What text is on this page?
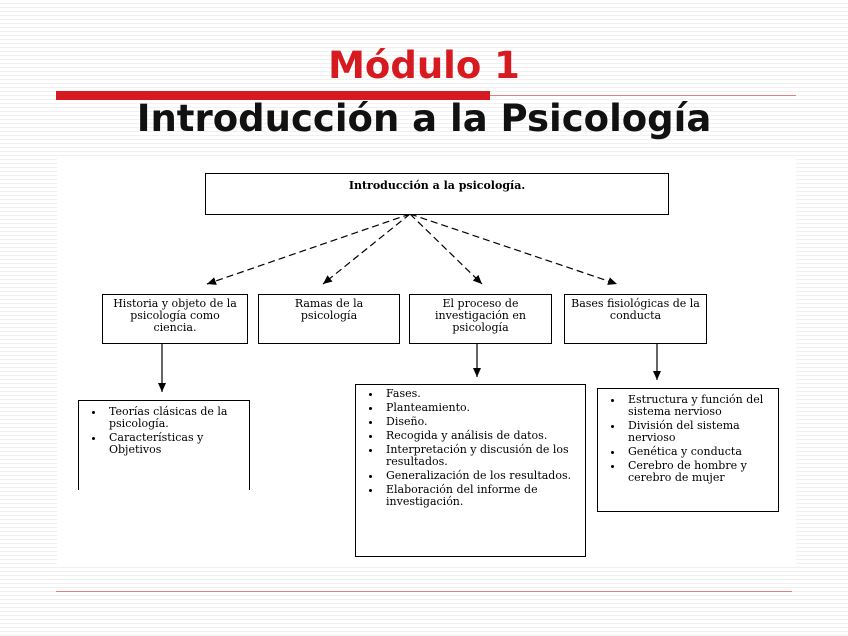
Módulo 1
Introducción a la Psicología
Introducción a la psicología.
Historia y objeto de la psicología como ciencia.
Ramas de la psicología
El proceso de investigación en psicología
Bases fisiológicas de la conducta
• Teorías clásicas de la psicología.
• Características y Objetivos
• Fases.
• Planteamiento.
• Diseño.
• Recogida y análisis de datos.
• Interpretación y discusión de los resultados.
• Generalización de los resultados.
• Elaboración del informe de investigación.
• Estructura y función del sistema nervioso
• División del sistema nervioso
• Genética y conducta
• Cerebro de hombre y cerebro de mujer
